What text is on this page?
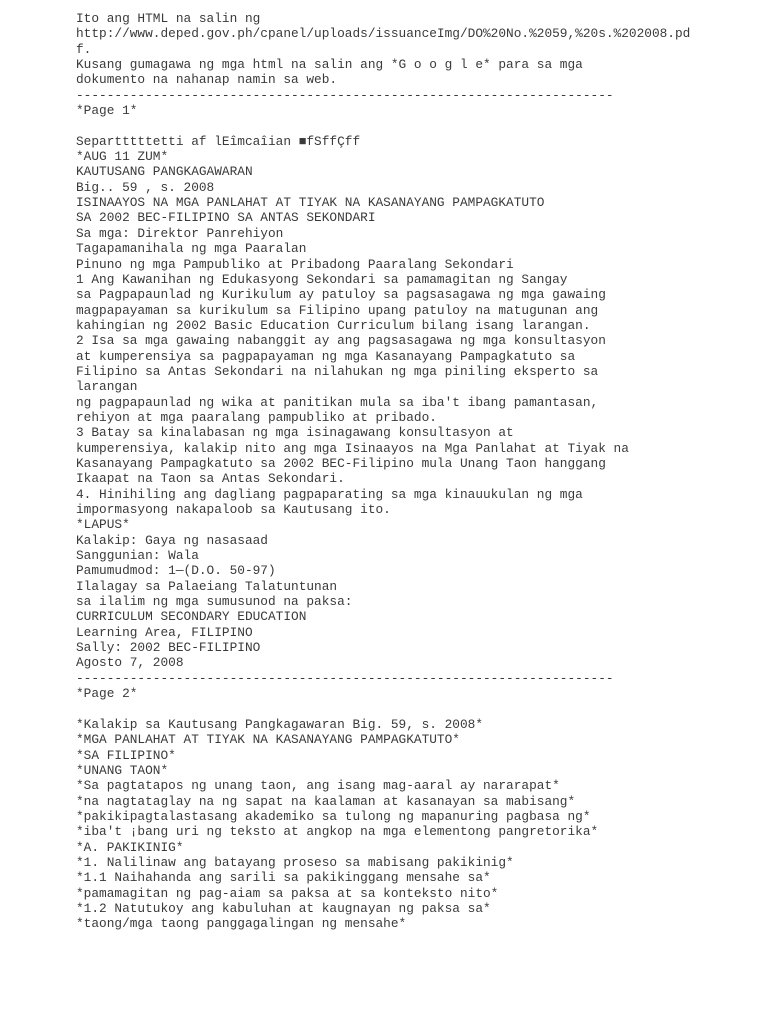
Ito ang HTML na salin ng
http://www.deped.gov.ph/cpanel/uploads/issuanceImg/DO%20No.%2059,%20s.%202008.pd
f.
Kusang gumagawa ng mga html na salin ang *G o o g l e* para sa mga
dokumento na nahanap namin sa web.
----------------------------------------------------------------------
*Page 1*
Separtttttetti af lEîmcaîian ■fSffÇff
*AUG 11 ZUM*
KAUTUSANG PANGKAGAWARAN
Big.. 59 , s. 2008
ISINAAYOS NA MGA PANLAHAT AT TIYAK NA KASANAYANG PAMPAGKATUTO
SA 2002 BEC-FILIPINO SA ANTAS SEKONDARI
Sa mga: Direktor Panrehiyon
Tagapamanihala ng mga Paaralan
Pinuno ng mga Pampubliko at Pribadong Paaralang Sekondari
1 Ang Kawanihan ng Edukasyong Sekondari sa pamamagitan ng Sangay
sa Pagpapaunlad ng Kurikulum ay patuloy sa pagsasagawa ng mga gawaing
magpapayaman sa kurikulum sa Filipino upang patuloy na matugunan ang
kahingian ng 2002 Basic Education Curriculum bilang isang larangan.
2 Isa sa mga gawaing nabanggit ay ang pagsasagawa ng mga konsultasyon
at kumperensiya sa pagpapayaman ng mga Kasanayang Pampagkatuto sa
Filipino sa Antas Sekondari na nilahukan ng mga piniling eksperto sa
larangan
ng pagpapaunlad ng wika at panitikan mula sa iba't ibang pamantasan,
rehiyon at mga paaralang pampubliko at pribado.
3 Batay sa kinalabasan ng mga isinagawang konsultasyon at
kumperensiya, kalakip nito ang mga Isinaayos na Mga Panlahat at Tiyak na
Kasanayang Pampagkatuto sa 2002 BEC-Filipino mula Unang Taon hanggang
Ikaapat na Taon sa Antas Sekondari.
4. Hinihiling ang dagliang pagpaparating sa mga kinauukulan ng mga
impormasyong nakapaloob sa Kautusang ito.
*LAPUS*
Kalakip: Gaya ng nasasaad
Sanggunian: Wala
Pamumudmod: 1—(D.O. 50-97)
Ilalagay sa Palaeiang Talatuntunan
sa ilalim ng mga sumusunod na paksa:
CURRICULUM SECONDARY EDUCATION
Learning Area, FILIPINO
Sally: 2002 BEC-FILIPINO
Agosto 7, 2008
----------------------------------------------------------------------
*Page 2*
*Kalakip sa Kautusang Pangkagawaran Big. 59, s. 2008*
*MGA PANLAHAT AT TIYAK NA KASANAYANG PAMPAGKATUTO*
*SA FILIPINO*
*UNANG TAON*
*Sa pagtatapos ng unang taon, ang isang mag-aaral ay nararapat*
*na nagtataglay na ng sapat na kaalaman at kasanayan sa mabisang*
*pakikipagtalastasang akademiko sa tulong ng mapanuring pagbasa ng*
*iba't ¡bang uri ng teksto at angkop na mga elementong pangretorika*
*A. PAKIKINIG*
*1. Nalilinaw ang batayang proseso sa mabisang pakikinig*
*1.1 Naihahanda ang sarili sa pakikinggang mensahe sa*
*pamamagitan ng pag-aiam sa paksa at sa konteksto nito*
*1.2 Natutukoy ang kabuluhan at kaugnayan ng paksa sa*
*taong/mga taong panggagalingan ng mensahe*
